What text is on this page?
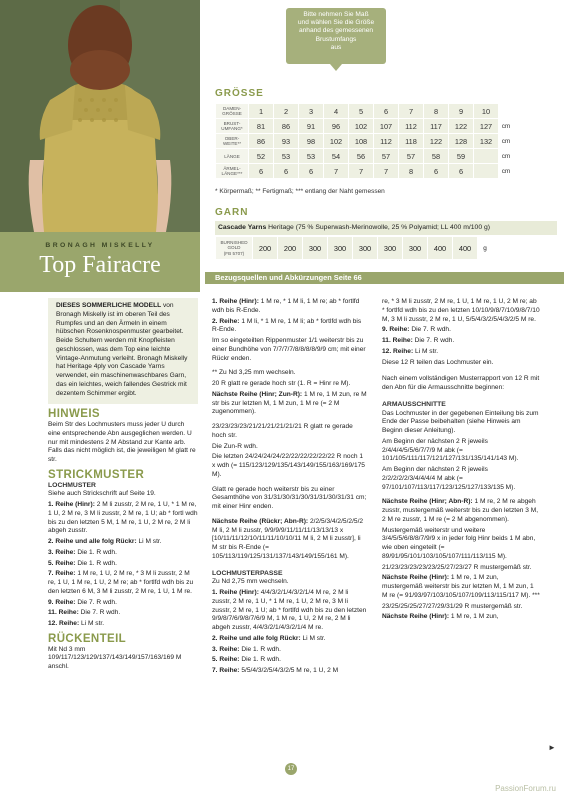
BRONAGH MISKELLY
Top Fairacre
Bitte nehmen Sie Maß
und wählen Sie die Größe
anhand des gemessenen
Brustumfangs
aus
GRÖSSE
DAMEN-
GRÖSSE	1	2	3	4	5	6	7	8	9	10	
BRUST-
UMFANG*	81	86	91	96	102	107	112	117	122	127	cm
OBER-
WEITE**	86	93	98	102	108	112	118	122	128	132	cm
LÄNGE	52	53	53	54	56	57	57	58	59		cm
ÄRMEL-
LÄNGE***	6	6	6	7	7	7	8	6	6		cm
* Körpermaß; ** Fertigmaß; *** entlang der Naht gemessen
GARN
Cascade Yarns Heritage (75 % Superwash-Merinowolle, 25 % Polyamid; LL 400 m/100 g)
BURNISHED
GOLD
(FB 5707)	200	200	300	300	300	300	300	400	400	g
Bezugsquellen und Abkürzungen Seite 66
DIESES SOMMERLICHE MODELL von Bronagh Miskelly ist im oberen Teil des Rumpfes und an den Ärmeln in einem hübschen Rosenknospenmuster gearbeitet. Beide Schultern werden mit Knopfleisten geschlossen, was dem Top eine leichte Vintage-Anmutung verleiht. Bronagh Miskelly hat Heritage 4ply von Cascade Yarns verwendet, ein maschinenwaschbares Garn, das ein leichtes, weich fallendes Gestrick mit dezentem Schimmer ergibt.
HINWEIS

Beim Str des Lochmusters muss jeder U durch eine entsprechende Abn ausgeglichen werden. U nur mit mindestens 2 M Abstand zur Kante arb. Falls das nicht möglich ist, die jeweiligen M glatt re str.

STRICKMUSTER
LOCHMUSTER

Siehe auch Strickschrift auf Seite 19.

1. Reihe (Hinr): 2 M li zusstr, 2 M re, 1 U, * 1 M re, 1 U, 2 M re, 3 M li zusstr, 2 M re, 1 U; ab * fortl wdh bis zu den letzten 5 M, 1 M re, 1 U, 2 M re, 2 M li abgeh zusstr.

2. Reihe und alle folg Rückr: Li M str.

3. Reihe: Die 1. R wdh.

5. Reihe: Die 1. R wdh.

7. Reihe: 1 M re, 1 U, 2 M re, * 3 M li zusstr, 2 M re, 1 U, 1 M re, 1 U, 2 M re; ab * fortlfd wdh bis zu den letzten 6 M, 3 M li zusstr, 2 M re, 1 U, 1 M re.

9. Reihe: Die 7. R wdh.

11. Reihe: Die 7. R wdh.

12. Reihe: Li M str.

RÜCKENTEIL

Mit Nd 3 mm 109/117/123/129/137/143/149/157/163/169 M anschl.

1. Reihe (Hinr): 1 M re, * 1 M li, 1 M re; ab * fortlfd wdh bis R-Ende.

2. Reihe: 1 M li, * 1 M re, 1 M li; ab * fortlfd wdh bis R-Ende.

Im so eingeteilten Rippenmuster 1/1 weiterstr bis zu einer Bundhöhe von 7/7/7/7/8/8/8/8/9/9 cm; mit einer Rückr enden.

** Zu Nd 3,25 mm wechseln.

20 R glatt re gerade hoch str (1. R = Hinr re M).

Nächste Reihe (Hinr; Zun-R): 1 M re, 1 M zun, re M str bis zur letzten M, 1 M zun, 1 M re (= 2 M zugenommen).

23/23/23/23/21/21/21/21/21/21 R glatt re gerade hoch str.

Die Zun-R wdh.

Die letzten 24/24/24/24/22/22/22/22/22/22 R noch 1 x wdh (= 115/123/129/135/143/149/155/163/169/175 M).

Glatt re gerade hoch weiterstr bis zu einer Gesamthöhe von 31/31/30/31/30/31/31/30/31/31 cm; mit einer Hinr enden.

Nächste Reihe (Rückr; Abn-R): 2/2/5/3/4/2/5/2/5/2 M li, 2 M li zusstr, 9/9/9/9/11/11/11/13/13/13 x [10/11/11/12/10/11/11/10/10/11 M li, 2 M li zusstr], li M str bis R-Ende (= 105/113/119/125/131/137/143/149/155/161 M).

LOCHMUSTERPASSE

Zu Nd 2,75 mm wechseln.

1. Reihe (Hinr): 4/4/3/2/1/4/3/2/1/4 M re, 2 M li zusstr, 2 M re, 1 U, * 1 M re, 1 U, 2 M re, 3 M li zusstr, 2 M re, 1 U; ab * fortlfd wdh bis zu den letzten 9/9/8/7/6/9/8/7/6/9 M, 1 M re, 1 U, 2 M re, 2 M li abgeh zusstr, 4/4/3/2/1/4/3/2/1/4 M re.

2. Reihe und alle folg Rückr: Li M str.

3. Reihe: Die 1. R wdh.

5. Reihe: Die 1. R wdh.

7. Reihe: 5/5/4/3/2/5/4/3/2/5 M re, 1 U, 2 M

re, * 3 M li zusstr, 2 M re, 1 U, 1 M re, 1 U, 2 M re; ab * fortlfd wdh bis zu den letzten 10/10/9/8/7/10/9/8/7/10 M, 3 M li zusstr, 2 M re, 1 U, 5/5/4/3/2/5/4/3/2/5 M re.

9. Reihe: Die 7. R wdh.

11. Reihe: Die 7. R wdh.

12. Reihe: Li M str.

Diese 12 R teilen das Lochmuster ein.

Nach einem vollständigen Musterrapport von 12 R mit den Abn für die Armausschnitte beginnen:

ARMAUSSCHNITTE

Das Lochmuster in der gegebenen Einteilung bis zum Ende der Passe beibehalten (siehe Hinweis am Beginn dieser Anleitung).

Am Beginn der nächsten 2 R jeweils 2/4/4/4/5/5/6/7/7/9 M abk (= 101/105/111/117/121/127/131/135/141/143 M).

Am Beginn der nächsten 2 R jeweils 2/2/2/2/2/3/4/4/4/4 M abk (= 97/101/107/113/117/123/125/127/133/135 M).

Nächste Reihe (Hinr; Abn-R): 1 M re, 2 M re abgeh zusstr, mustergemäß weiterstr bis zu den letzten 3 M, 2 M re zusstr, 1 M re (= 2 M abgenommen).

Mustergemäß weiterstr und weitere 3/4/5/5/6/8/8/7/9/9 x in jeder folg Hinr beids 1 M abn, wie oben eingeteilt (= 89/91/95/101/103/105/107/111/113/115 M).

21/23/23/23/23/23/25/27/23/27 R mustergemäß str.

Nächste Reihe (Hinr): 1 M re, 1 M zun, mustergemäß weiterstr bis zur letzten M, 1 M zun, 1 M re (= 91/93/97/103/105/107/109/113/115/117 M). ***

23/25/25/25/27/27/29/31/29 R mustergemäß str.

Nächste Reihe (Hinr): 1 M re, 1 M zun,

►
17
PassionForum.ru
